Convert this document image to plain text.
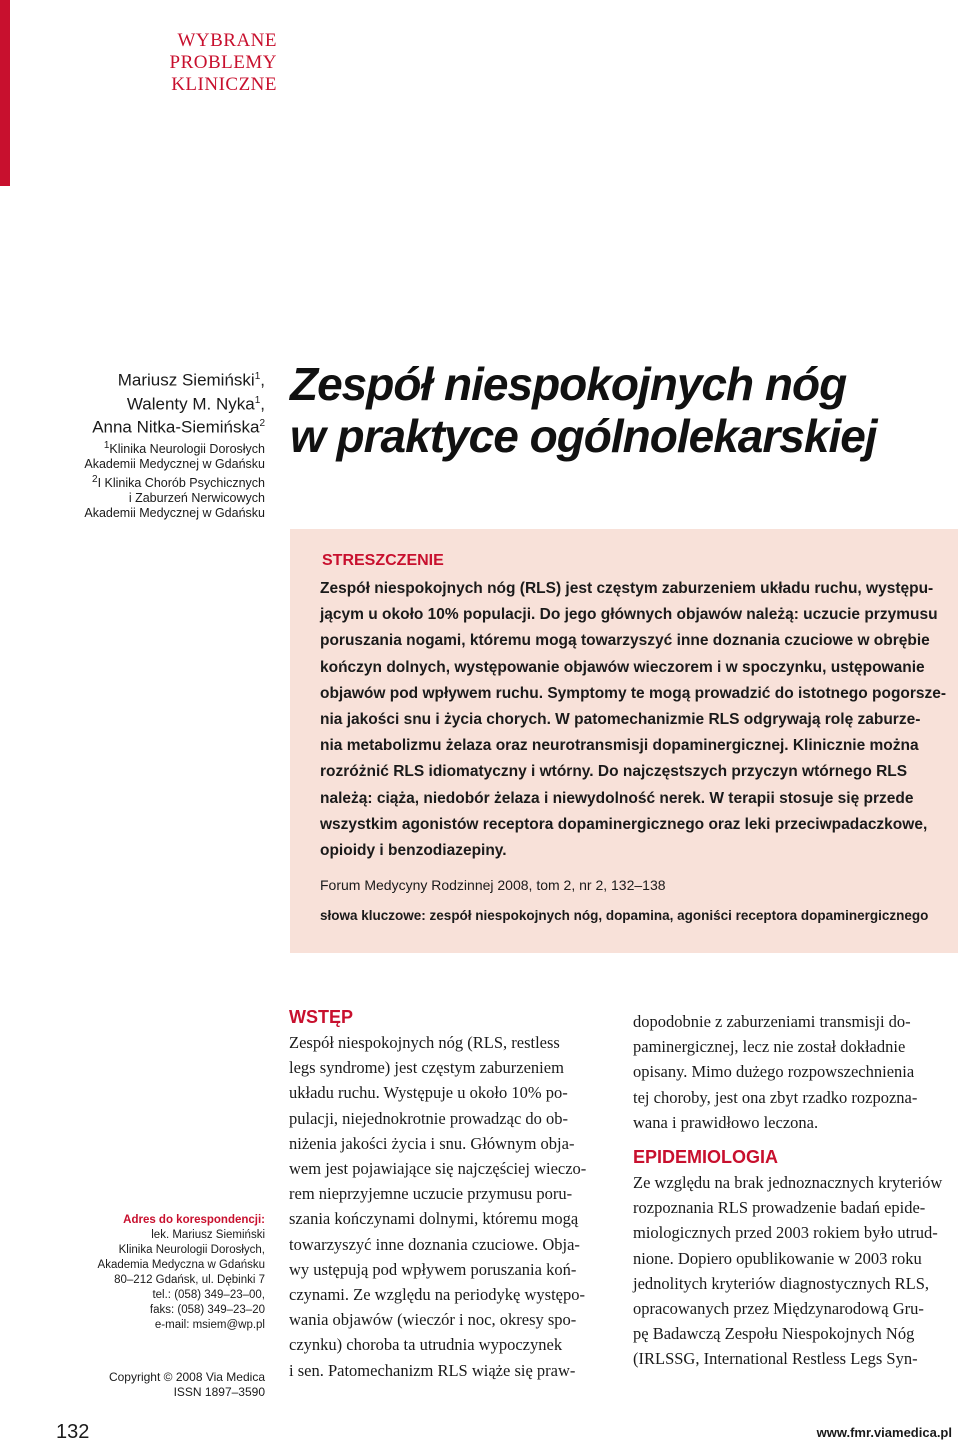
WYBRANE
PROBLEMY
KLINICZNE

Mariusz Siemiński$^1$,

Walenty M. Nyka$^1$,

Anna Nitka-Siemińska$^2$

$^1$Klinika Neurologii Dorosłych

Akademii Medycznej w Gdańsku

$^2$I Klinika Chorób Psychicznych

i Zaburzeń Nerwicowych

Akademii Medycznej w Gdańsku

Zespół niespokojnych nóg
w praktyce ogólnolekarskiej

STRESZCZENIE

Zespół niespokojnych nóg (RLS) jest częstym zaburzeniem układu ruchu, występu-
jącym u około 10% populacji. Do jego głównych objawów należą: uczucie przymusu
poruszania nogami, któremu mogą towarzyszyć inne doznania czuciowe w obrębie
kończyn dolnych, występowanie objawów wieczorem i w spoczynku, ustępowanie
objawów pod wpływem ruchu. Symptomy te mogą prowadzić do istotnego pogorsze-
nia jakości snu i życia chorych. W patomechanizmie RLS odgrywają rolę zaburze-
nia metabolizmu żelaza oraz neurotransmisji dopaminergicznej. Klinicznie można
rozróżnić RLS idiomatyczny i wtórny. Do najczęstszych przyczyn wtórnego RLS
należą: ciąża, niedobór żelaza i niewydolność nerek. W terapii stosuje się przede
wszystkim agonistów receptora dopaminergicznego oraz leki przeciwpadaczkowe,
opioidy i benzodiazepiny.

Forum Medycyny Rodzinnej 2008, tom 2, nr 2, 132–138

słowa kluczowe: zespół niespokojnych nóg, dopamina, agoniści receptora dopaminergicznego

Adres do korespondencji:

lek. Mariusz Siemiński

Klinika Neurologii Dorosłych,

Akademia Medyczna w Gdańsku

80–212 Gdańsk, ul. Dębinki 7

tel.: (058) 349–23–00,

faks: (058) 349–23–20

e-mail: msiem@wp.pl

Copyright © 2008 Via Medica

ISSN 1897–3590

WSTĘP
Zespół niespokojnych nóg (RLS, restless
legs syndrome) jest częstym zaburzeniem
układu ruchu. Występuje u około 10% po-
pulacji, niejednokrotnie prowadząc do ob-
niżenia jakości życia i snu. Głównym obja-
wem jest pojawiające się najczęściej wieczo-
rem nieprzyjemne uczucie przymusu poru-
szania kończynami dolnymi, któremu mogą
towarzyszyć inne doznania czuciowe. Obja-
wy ustępują pod wpływem poruszania koń-
czynami. Ze względu na periodykę występo-
wania objawów (wieczór i noc, okresy spo-
czynku) choroba ta utrudnia wypoczynek
i sen. Patomechanizm RLS wiąże się praw-
dopodobnie z zaburzeniami transmisji do-
paminergicznej, lecz nie został dokładnie
opisany. Mimo dużego rozpowszechnienia
tej choroby, jest ona zbyt rzadko rozpozna-
wana i prawidłowo leczona.
EPIDEMIOLOGIA
Ze względu na brak jednoznacznych kryteriów
rozpoznania RLS prowadzenie badań epide-
miologicznych przed 2003 rokiem było utrud-
nione. Dopiero opublikowanie w 2003 roku
jednolitych kryteriów diagnostycznych RLS,
opracowanych przez Międzynarodową Gru-
pę Badawczą Zespołu Niespokojnych Nóg
(IRLSSG, International Restless Legs Syn-

132	www.fmr.viamedica.pl
